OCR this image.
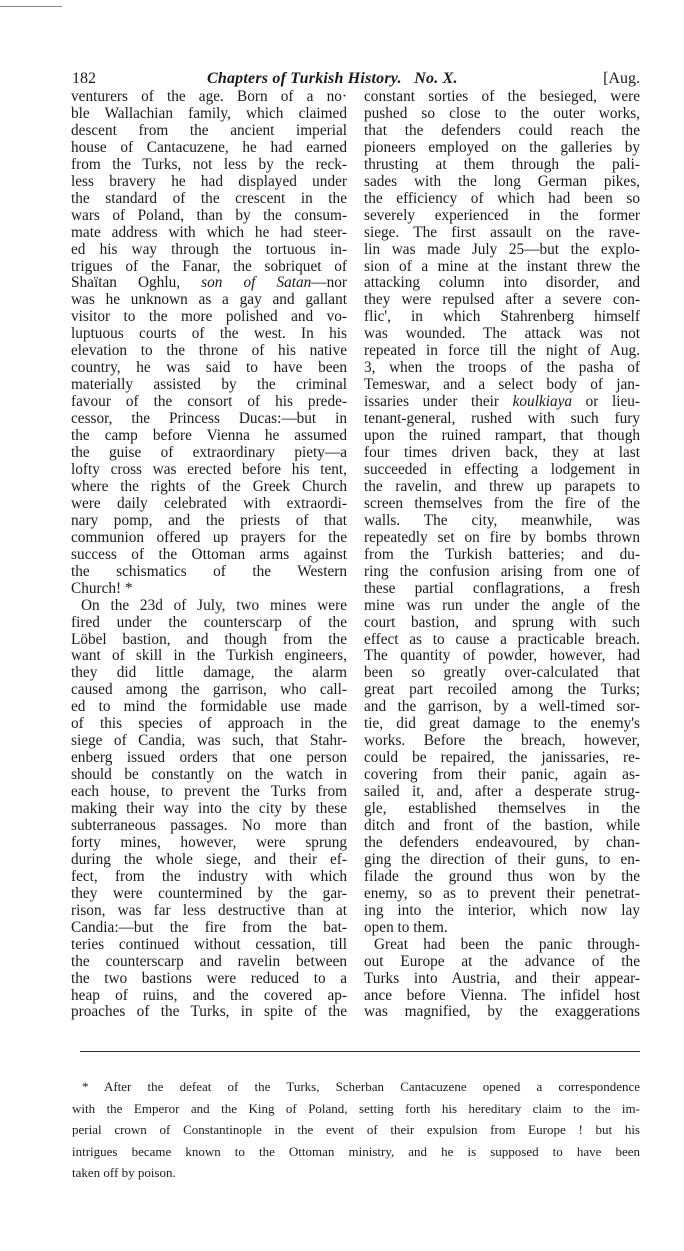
182	Chapters of Turkish History.   No. X.	[Aug.
venturers of the age. Born of a no·
ble Wallachian family, which claimed
descent from the ancient imperial
house of Cantacuzene, he had earned
from the Turks, not less by the reck-
less bravery he had displayed under
the standard of the crescent in the
wars of Poland, than by the consum-
mate address with which he had steer-
ed his way through the tortuous in-
trigues of the Fanar, the sobriquet of
Shaïtan Oghlu, son of Satan—nor
was he unknown as a gay and gallant
visitor to the more polished and vo-
luptuous courts of the west. In his
elevation to the throne of his native
country, he was said to have been
materially assisted by the criminal
favour of the consort of his prede-
cessor, the Princess Ducas:—but in
the camp before Vienna he assumed
the guise of extraordinary piety—a
lofty cross was erected before his tent,
where the rights of the Greek Church
were daily celebrated with extraordi-
nary pomp, and the priests of that
communion offered up prayers for the
success of the Ottoman arms against
the schismatics of the Western
Church! *
On the 23d of July, two mines were
fired under the counterscarp of the
Löbel bastion, and though from the
want of skill in the Turkish engineers,
they did little damage, the alarm
caused among the garrison, who call-
ed to mind the formidable use made
of this species of approach in the
siege of Candia, was such, that Stahr-
enberg issued orders that one person
should be constantly on the watch in
each house, to prevent the Turks from
making their way into the city by these
subterraneous passages. No more than
forty mines, however, were sprung
during the whole siege, and their ef-
fect, from the industry with which
they were countermined by the gar-
rison, was far less destructive than at
Candia:—but the fire from the bat-
teries continued without cessation, till
the counterscarp and ravelin between
the two bastions were reduced to a
heap of ruins, and the covered ap-
proaches of the Turks, in spite of the
constant sorties of the besieged, were
pushed so close to the outer works,
that the defenders could reach the
pioneers employed on the galleries by
thrusting at them through the pali-
sades with the long German pikes,
the efficiency of which had been so
severely experienced in the former
siege. The first assault on the rave-
lin was made July 25—but the explo-
sion of a mine at the instant threw the
attacking column into disorder, and
they were repulsed after a severe con-
flic', in which Stahrenberg himself
was wounded. The attack was not
repeated in force till the night of Aug.
3, when the troops of the pasha of
Temeswar, and a select body of jan-
issaries under their koulkiaya or lieu-
tenant-general, rushed with such fury
upon the ruined rampart, that though
four times driven back, they at last
succeeded in effecting a lodgement in
the ravelin, and threw up parapets to
screen themselves from the fire of the
walls. The city, meanwhile, was
repeatedly set on fire by bombs thrown
from the Turkish batteries; and du-
ring the confusion arising from one of
these partial conflagrations, a fresh
mine was run under the angle of the
court bastion, and sprung with such
effect as to cause a practicable breach.
The quantity of powder, however, had
been so greatly over-calculated that
great part recoiled among the Turks;
and the garrison, by a well-timed sor-
tie, did great damage to the enemy's
works. Before the breach, however,
could be repaired, the janissaries, re-
covering from their panic, again as-
sailed it, and, after a desperate strug-
gle, established themselves in the
ditch and front of the bastion, while
the defenders endeavoured, by chan-
ging the direction of their guns, to en-
filade the ground thus won by the
enemy, so as to prevent their penetrat-
ing into the interior, which now lay
open to them.
Great had been the panic through-
out Europe at the advance of the
Turks into Austria, and their appear-
ance before Vienna. The infidel host
was magnified, by the exaggerations
* After the defeat of the Turks, Scherban Cantacuzene opened a correspondence
with the Emperor and the King of Poland, setting forth his hereditary claim to the im-
perial crown of Constantinople in the event of their expulsion from Europe ! but his
intrigues became known to the Ottoman ministry, and he is supposed to have been
taken off by poison.
